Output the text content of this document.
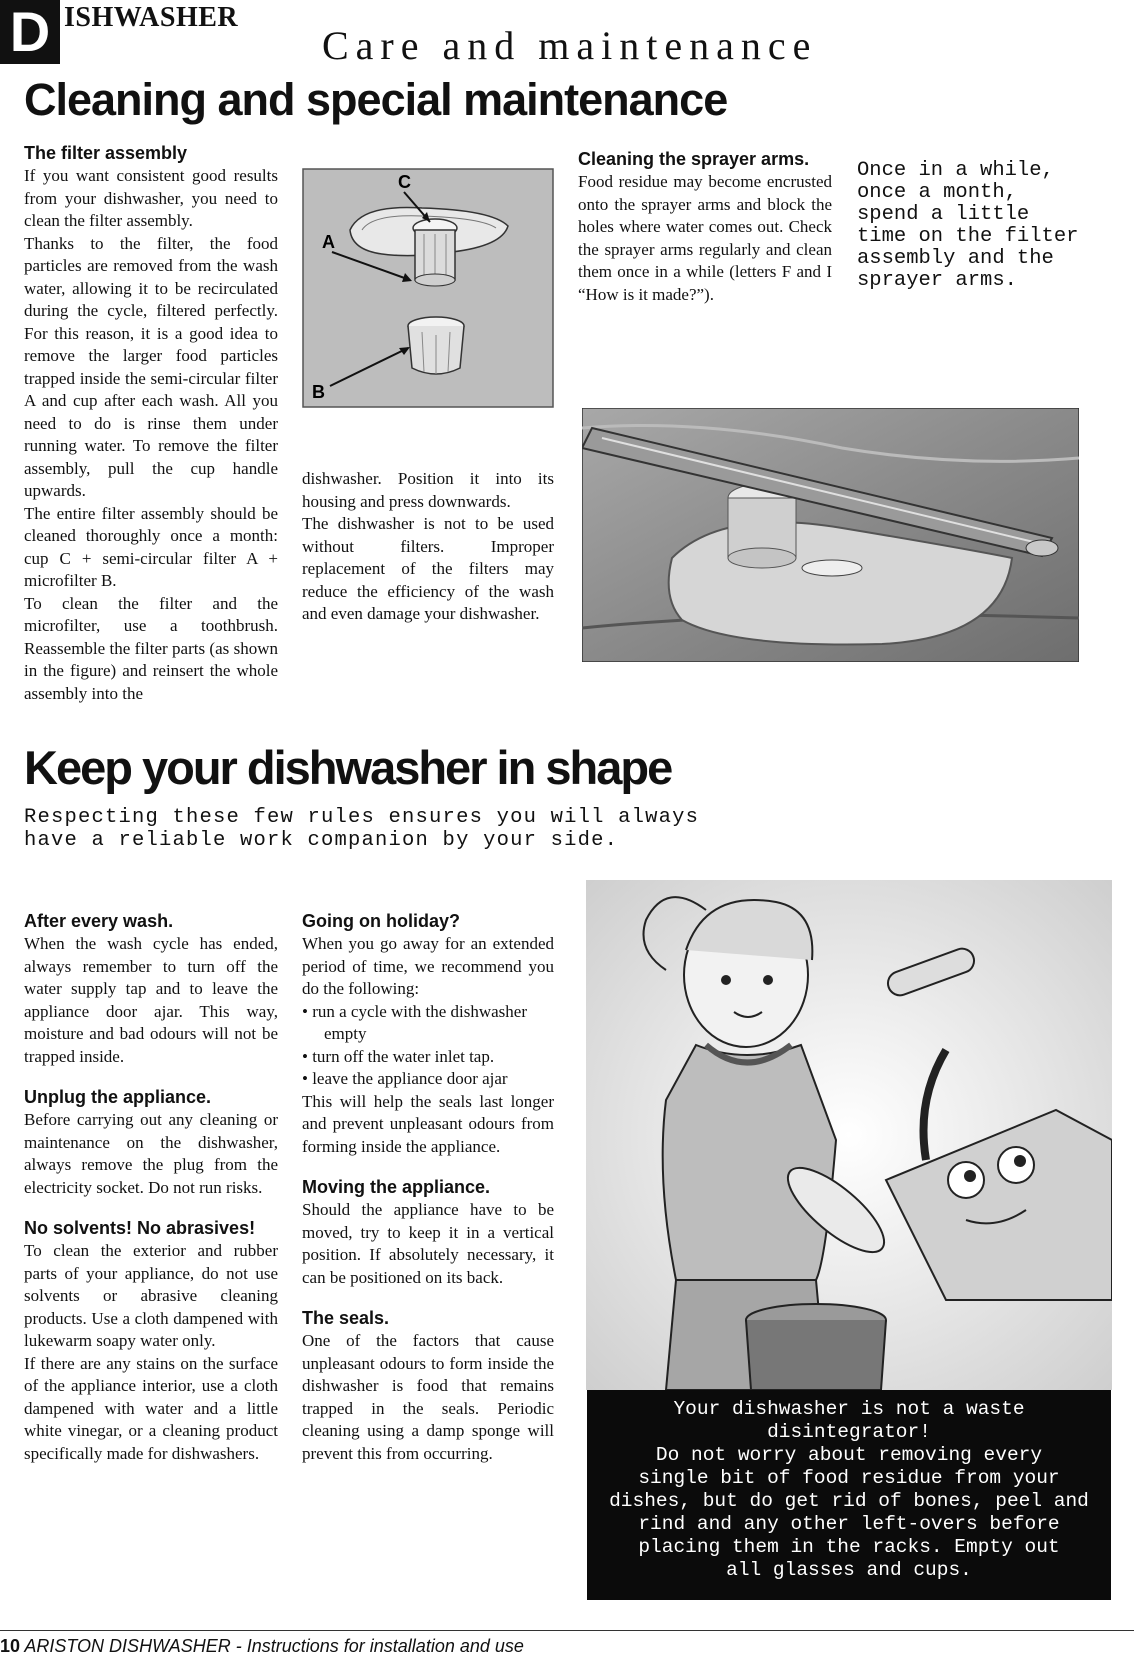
D ISHWASHER
Care and maintenance
Cleaning and special maintenance

The filter assembly

If you want consistent good results from your dishwasher, you need to clean the filter assembly.

Thanks to the filter, the food particles are removed from the wash water, allowing it to be recirculated during the cycle, filtered perfectly. For this reason, it is a good idea to remove the larger food particles trapped inside the semi-circular filter A and cup after each wash. All you need to do is rinse them under running water. To remove the filter assembly, pull the cup handle upwards.

The entire filter assembly should be cleaned thoroughly once a month: cup C + semi-circular filter A + microfilter B.

To clean the filter and the microfilter, use a toothbrush. Reassemble the filter parts (as shown in the figure) and reinsert the whole assembly into the

C
A
B

dishwasher. Position it into its housing and press downwards.

The dishwasher is not to be used without filters. Improper replacement of the filters may reduce the efficiency of the wash and even damage your dishwasher.

Cleaning the sprayer arms.

Food residue may become encrusted onto the sprayer arms and block the holes where water comes out. Check the sprayer arms regularly and clean them once in a while (letters F and I “How is it made?”).

Once in a while,
once a month,
spend a little
time on the filter
assembly and the
sprayer arms.
Keep your dishwasher in shape
Respecting these few rules ensures you will always
have a reliable work companion by your side.

After every wash.

When the wash cycle has ended, always remember to turn off the water supply tap and to leave the appliance door ajar. This way, moisture and bad odours will not be trapped inside.

Unplug the appliance.

Before carrying out any cleaning or maintenance on the dishwasher, always remove the plug from the electricity socket. Do not run risks.

No solvents! No abrasives!

To clean the exterior and rubber parts of your appliance, do not use solvents or abrasive cleaning products. Use a cloth dampened with lukewarm soapy water only.

If there are any stains on the surface of the appliance interior, use a cloth dampened with water and a little white vinegar, or a cleaning product specifically made for dishwashers.

Going on holiday?

When you go away for an extended period of time, we recommend you do the following:

• run a cycle with the dishwasher
empty

• turn off the water inlet tap.

• leave the appliance door ajar

This will help the seals last longer and prevent unpleasant odours from forming inside the appliance.

Moving the appliance.

Should the appliance have to be moved, try to keep it in a vertical position. If absolutely necessary, it can be positioned on its back.

The seals.

One of the factors that cause unpleasant odours to form inside the dishwasher is food that remains trapped in the seals. Periodic cleaning using a damp sponge will prevent this from occurring.

Your dishwasher is not a waste
disintegrator!
Do not worry about removing every
single bit of food residue from your
dishes, but do get rid of bones, peel and
rind and any other left-overs before
placing them in the racks. Empty out
all glasses and cups.
10 ARISTON DISHWASHER - Instructions for installation and use
